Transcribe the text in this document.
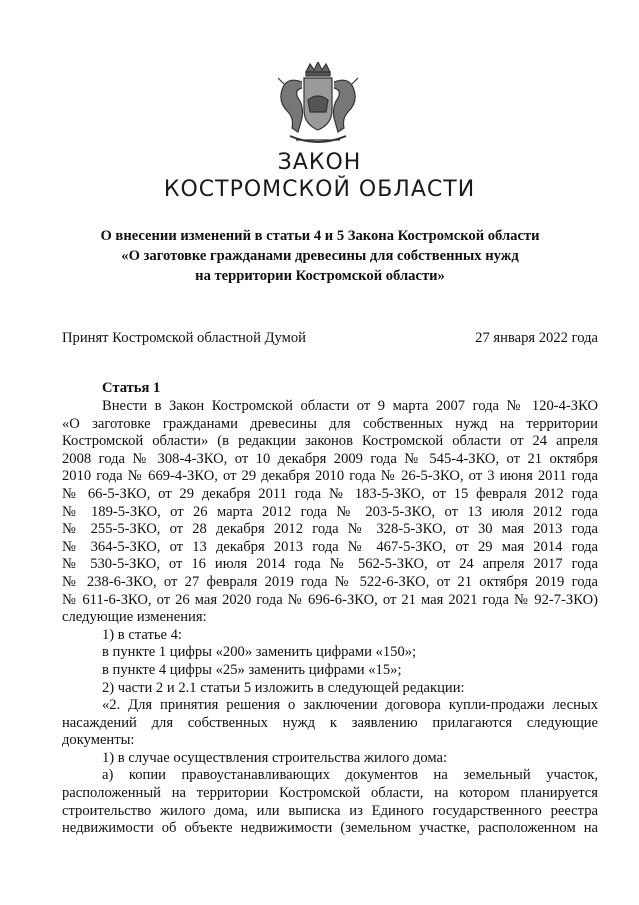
ЗАКОН
КОСТРОМСКОЙ ОБЛАСТИ
О внесении изменений в статьи 4 и 5 Закона Костромской области
«О заготовке гражданами древесины для собственных нужд
на территории Костромской области»
Принят Костромской областной Думой	27 января 2022 года
Статья 1
Внести в Закон Костромской области от 9 марта 2007 года № 120-4-ЗКО
«О заготовке гражданами древесины для собственных нужд на территории
Костромской области» (в редакции законов Костромской области от 24 апреля
2008 года № 308-4-ЗКО, от 10 декабря 2009 года № 545-4-ЗКО, от 21 октября
2010 года № 669-4-ЗКО, от 29 декабря 2010 года № 26-5-ЗКО, от 3 июня 2011 года
№ 66-5-ЗКО, от 29 декабря 2011 года № 183-5-ЗКО, от 15 февраля 2012 года
№ 189-5-ЗКО, от 26 марта 2012 года № 203-5-ЗКО, от 13 июля 2012 года
№ 255-5-ЗКО, от 28 декабря 2012 года № 328-5-ЗКО, от 30 мая 2013 года
№ 364-5-ЗКО, от 13 декабря 2013 года № 467-5-ЗКО, от 29 мая 2014 года
№ 530-5-ЗКО, от 16 июля 2014 года № 562-5-ЗКО, от 24 апреля 2017 года
№ 238-6-ЗКО, от 27 февраля 2019 года № 522-6-ЗКО, от 21 октября 2019 года
№ 611-6-ЗКО, от 26 мая 2020 года № 696-6-ЗКО, от 21 мая 2021 года № 92-7-ЗКО)
следующие изменения:
1) в статье 4:
в пункте 1 цифры «200» заменить цифрами «150»;
в пункте 4 цифры «25» заменить цифрами «15»;
2) части 2 и 2.1 статьи 5 изложить в следующей редакции:
«2. Для принятия решения о заключении договора купли-продажи лесных
насаждений для собственных нужд к заявлению прилагаются следующие
документы:
1) в случае осуществления строительства жилого дома:
а) копии правоустанавливающих документов на земельный участок,
расположенный на территории Костромской области, на котором планируется
строительство жилого дома, или выписка из Единого государственного реестра
недвижимости об объекте недвижимости (земельном участке, расположенном на
